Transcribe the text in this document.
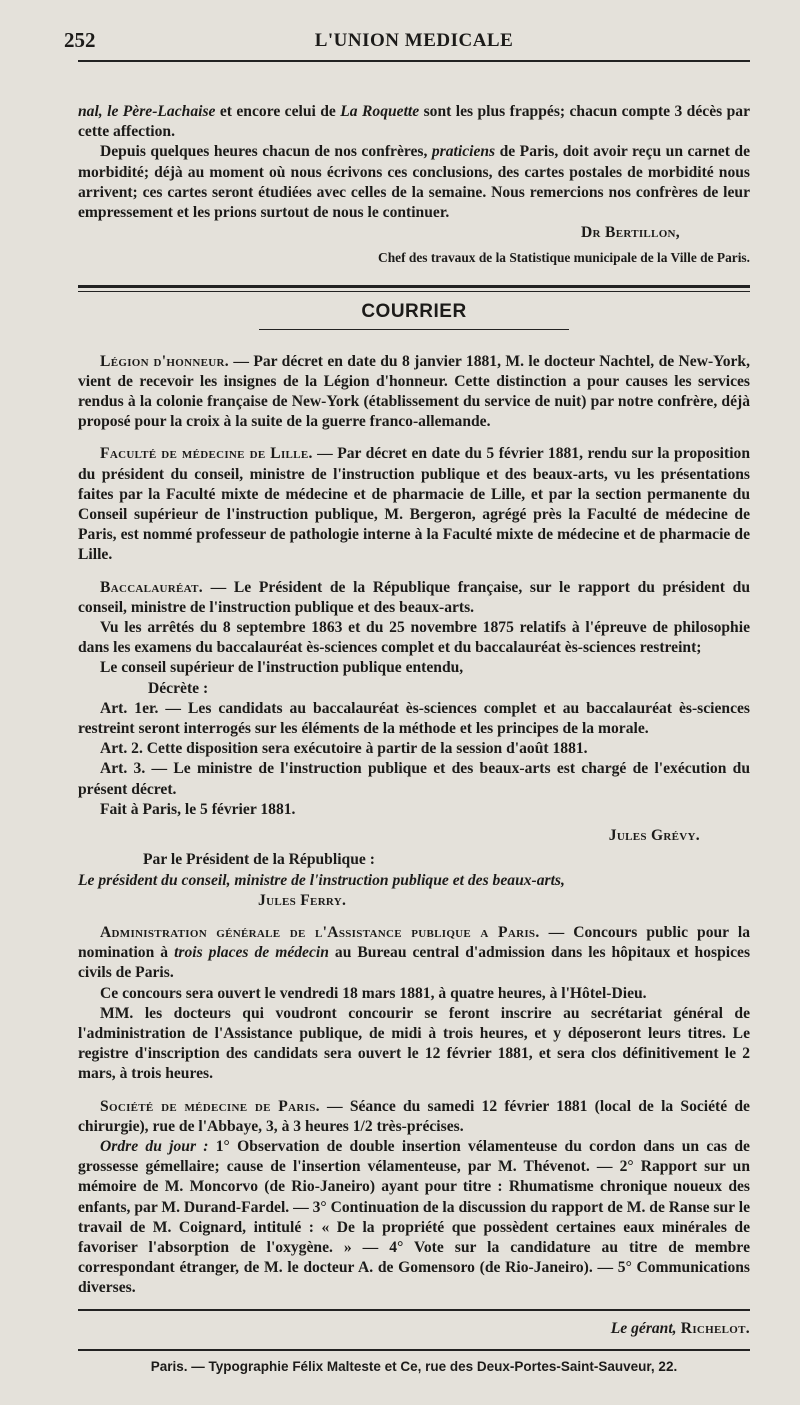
252	L'UNION MEDICALE

nal, le Père-Lachaise et encore celui de La Roquette sont les plus frappés; chacun compte 3 décès par cette affection.

Depuis quelques heures chacun de nos confrères, praticiens de Paris, doit avoir reçu un carnet de morbidité; déjà au moment où nous écrivons ces conclusions, des cartes postales de morbidité nous arrivent; ces cartes seront étudiées avec celles de la semaine. Nous remercions nos confrères de leur empressement et les prions surtout de nous le continuer.

Dr Bertillon,

Chef des travaux de la Statistique municipale de la Ville de Paris.

COURRIER

Légion d'honneur. — Par décret en date du 8 janvier 1881, M. le docteur Nachtel, de New-York, vient de recevoir les insignes de la Légion d'honneur. Cette distinction a pour causes les services rendus à la colonie française de New-York (établissement du service de nuit) par notre confrère, déjà proposé pour la croix à la suite de la guerre franco-allemande.

Faculté de médecine de Lille. — Par décret en date du 5 février 1881, rendu sur la proposition du président du conseil, ministre de l'instruction publique et des beaux-arts, vu les présentations faites par la Faculté mixte de médecine et de pharmacie de Lille, et par la section permanente du Conseil supérieur de l'instruction publique, M. Bergeron, agrégé près la Faculté de médecine de Paris, est nommé professeur de pathologie interne à la Faculté mixte de médecine et de pharmacie de Lille.

Baccalauréat. — Le Président de la République française, sur le rapport du président du conseil, ministre de l'instruction publique et des beaux-arts.

Vu les arrêtés du 8 septembre 1863 et du 25 novembre 1875 relatifs à l'épreuve de philosophie dans les examens du baccalauréat ès-sciences complet et du baccalauréat ès-sciences restreint;

Le conseil supérieur de l'instruction publique entendu,

Décrète :

Art. 1er. — Les candidats au baccalauréat ès-sciences complet et au baccalauréat ès-sciences restreint seront interrogés sur les éléments de la méthode et les principes de la morale.

Art. 2. Cette disposition sera exécutoire à partir de la session d'août 1881.

Art. 3. — Le ministre de l'instruction publique et des beaux-arts est chargé de l'exécution du présent décret.

Fait à Paris, le 5 février 1881.

Jules Grévy.

Par le Président de la République :

Le président du conseil, ministre de l'instruction publique et des beaux-arts,

Jules Ferry.

Administration générale de l'Assistance publique a Paris. — Concours public pour la nomination à trois places de médecin au Bureau central d'admission dans les hôpitaux et hospices civils de Paris.

Ce concours sera ouvert le vendredi 18 mars 1881, à quatre heures, à l'Hôtel-Dieu.

MM. les docteurs qui voudront concourir se feront inscrire au secrétariat général de l'administration de l'Assistance publique, de midi à trois heures, et y déposeront leurs titres. Le registre d'inscription des candidats sera ouvert le 12 février 1881, et sera clos définitivement le 2 mars, à trois heures.

Société de médecine de Paris. — Séance du samedi 12 février 1881 (local de la Société de chirurgie), rue de l'Abbaye, 3, à 3 heures 1/2 très-précises.

Ordre du jour : 1° Observation de double insertion vélamenteuse du cordon dans un cas de grossesse gémellaire; cause de l'insertion vélamenteuse, par M. Thévenot. — 2° Rapport sur un mémoire de M. Moncorvo (de Rio-Janeiro) ayant pour titre : Rhumatisme chronique noueux des enfants, par M. Durand-Fardel. — 3° Continuation de la discussion du rapport de M. de Ranse sur le travail de M. Coignard, intitulé : « De la propriété que possèdent certaines eaux minérales de favoriser l'absorption de l'oxygène. » — 4° Vote sur la candidature au titre de membre correspondant étranger, de M. le docteur A. de Gomensoro (de Rio-Janeiro). — 5° Communications diverses.

Le gérant, Richelot.

Paris. — Typographie Félix Malteste et Ce, rue des Deux-Portes-Saint-Sauveur, 22.
